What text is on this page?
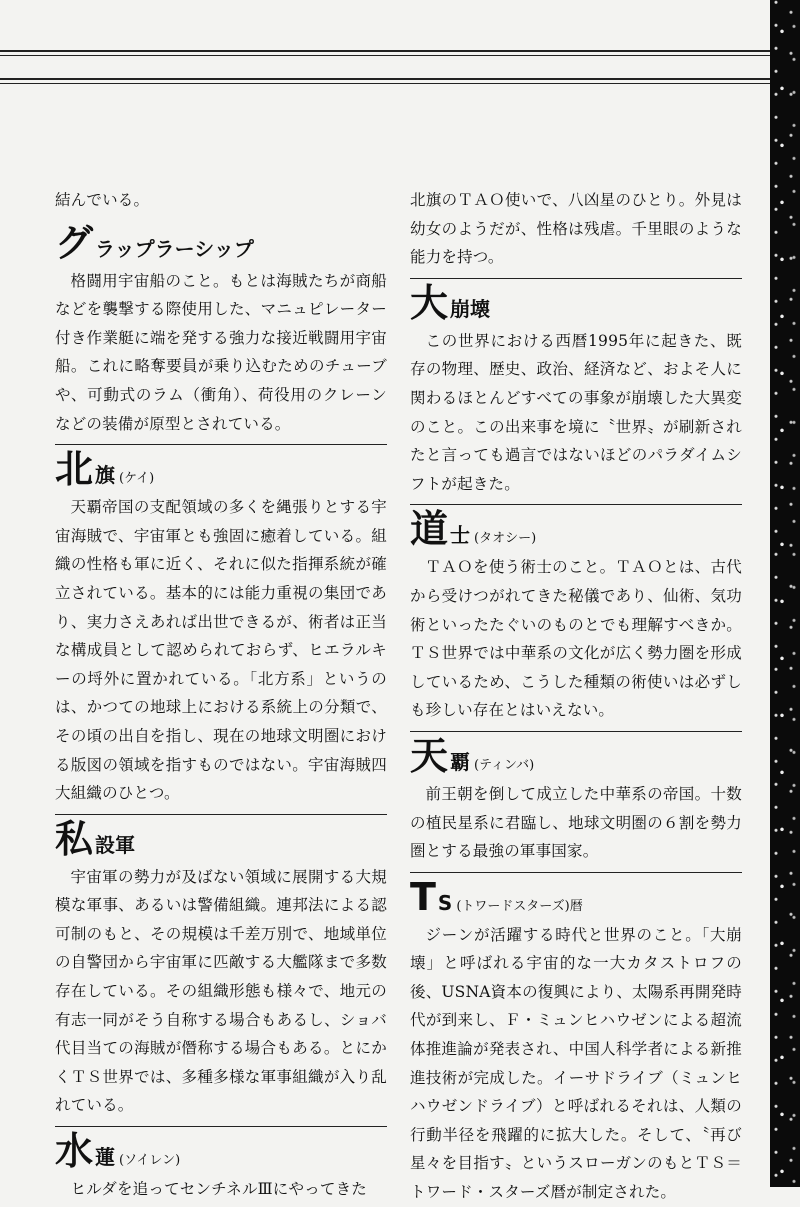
結んでいる。

グ ラップラーシップ

格闘用宇宙船のこと。もとは海賊たちが商船などを襲撃する際使用した、マニュピレーター付き作業艇に端を発する強力な接近戦闘用宇宙船。これに略奪要員が乗り込むためのチューブや、可動式のラム（衝角）、荷役用のクレーンなどの装備が原型とされている。

北 旗 (ケイ)

天覇帝国の支配領域の多くを縄張りとする宇宙海賊で、宇宙軍とも強固に癒着している。組織の性格も軍に近く、それに似た指揮系統が確立されている。基本的には能力重視の集団であり、実力さえあれば出世できるが、術者は正当な構成員として認められておらず、ヒエラルキーの埒外に置かれている。「北方系」というのは、かつての地球上における系統上の分類で、その頃の出自を指し、現在の地球文明圏における版図の領域を指すものではない。宇宙海賊四大組織のひとつ。

私 設軍

宇宙軍の勢力が及ばない領域に展開する大規模な軍事、あるいは警備組織。連邦法による認可制のもと、その規模は千差万別で、地域単位の自警団から宇宙軍に匹敵する大艦隊まで多数存在している。その組織形態も様々で、地元の有志一同がそう自称する場合もあるし、ショバ代目当ての海賊が僭称する場合もある。とにかくＴＳ世界では、多種多様な軍事組織が入り乱れている。

水 蓮 (ソイレン)

ヒルダを追ってセンチネルⅢにやってきた

北旗のＴＡＯ使いで、八凶星のひとり。外見は幼女のようだが、性格は残虐。千里眼のような能力を持つ。

大 崩壊

この世界における西暦1995年に起きた、既存の物理、歴史、政治、経済など、およそ人に関わるほとんどすべての事象が崩壊した大異変のこと。この出来事を境に〝世界〟が刷新されたと言っても過言ではないほどのパラダイムシフトが起きた。

道 士 (タオシー)

ＴＡＯを使う術士のこと。ＴＡＯとは、古代から受けつがれてきた秘儀であり、仙術、気功術といったたぐいのものとでも理解すべきか。ＴＳ世界では中華系の文化が広く勢力圏を形成しているため、こうした種類の術使いは必ずしも珍しい存在とはいえない。

天 覇 (ティンバ)

前王朝を倒して成立した中華系の帝国。十数の植民星系に君臨し、地球文明圏の６割を勢力圏とする最強の軍事国家。

T S (トワードスターズ)暦

ジーンが活躍する時代と世界のこと。「大崩壊」と呼ばれる宇宙的な一大カタストロフの後、USNA資本の復興により、太陽系再開発時代が到来し、Ｆ・ミュンヒハウゼンによる超流体推進論が発表され、中国人科学者による新推進技術が完成した。イーサドライブ（ミュンヒハウゼンドライブ）と呼ばれるそれは、人類の行動半径を飛躍的に拡大した。そして、〝再び星々を目指す〟というスローガンのもとＴＳ＝トワード・スターズ暦が制定された。
